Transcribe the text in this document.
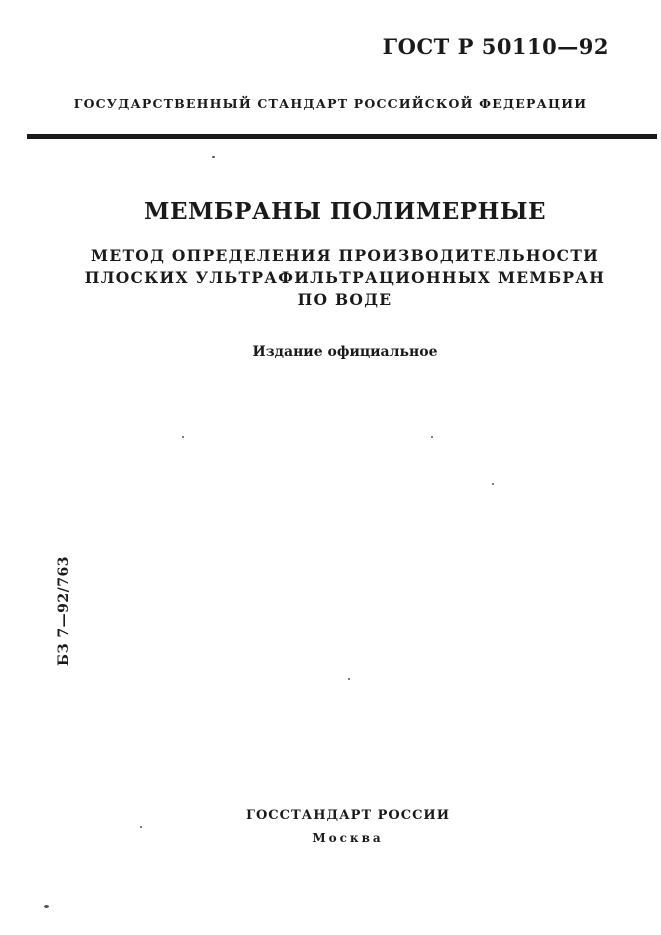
ГОСТ Р 50110—92
ГОСУДАРСТВЕННЫЙ СТАНДАРТ РОССИЙСКОЙ ФЕДЕРАЦИИ
МЕМБРАНЫ ПОЛИМЕРНЫЕ
МЕТОД ОПРЕДЕЛЕНИЯ ПРОИЗВОДИТЕЛЬНОСТИ
ПЛОСКИХ УЛЬТРАФИЛЬТРАЦИОННЫХ МЕМБРАН
ПО ВОДЕ
Издание официальное
БЗ 7—92/763
ГОССТАНДАРТ РОССИИ
Москва
